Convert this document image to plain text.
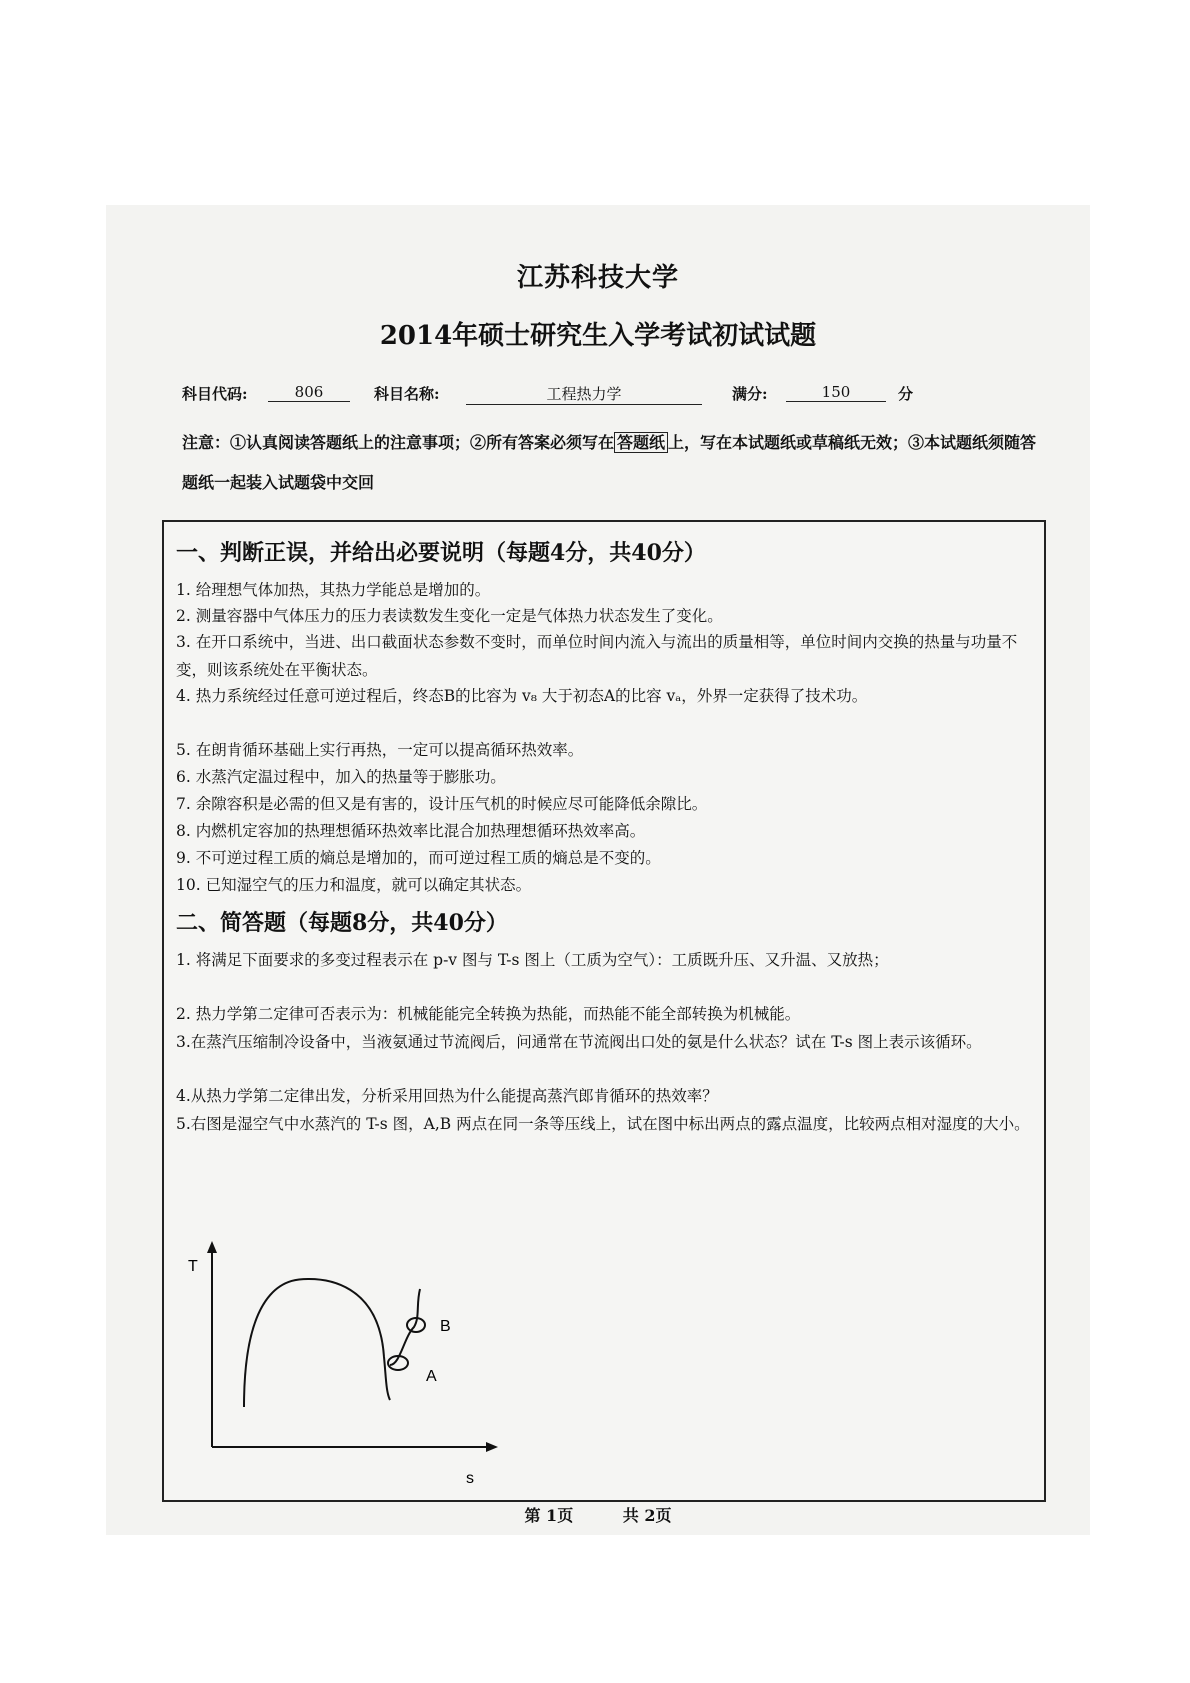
江苏科技大学
2014年硕士研究生入学考试初试试题
科目代码:	806	科目名称:	工程热力学	满分:	150	分
注意：①认真阅读答题纸上的注意事项；②所有答案必须写在 答题纸 上，写在本试题纸或草稿纸无效；③本试题纸须随答题纸一起装入试题袋中交回
一、判断正误，并给出必要说明（每题4分，共40分）
1. 给理想气体加热，其热力学能总是增加的。
2. 测量容器中气体压力的压力表读数发生变化一定是气体热力状态发生了变化。
3. 在开口系统中，当进、出口截面状态参数不变时，而单位时间内流入与流出的质量相等，单位时间内交换的热量与功量不变，则该系统处在平衡状态。
4. 热力系统经过任意可逆过程后，终态B的比容为 v₈ 大于初态A的比容 vₐ，外界一定获得了技术功。
5. 在朗肯循环基础上实行再热，一定可以提高循环热效率。
6. 水蒸汽定温过程中，加入的热量等于膨胀功。
7. 余隙容积是必需的但又是有害的，设计压气机的时候应尽可能降低余隙比。
8. 内燃机定容加的热理想循环热效率比混合加热理想循环热效率高。
9. 不可逆过程工质的熵总是增加的，而可逆过程工质的熵总是不变的。
10. 已知湿空气的压力和温度，就可以确定其状态。
二、简答题（每题8分，共40分）
1. 将满足下面要求的多变过程表示在 p-v 图与 T-s 图上（工质为空气）：工质既升压、又升温、又放热；
2. 热力学第二定律可否表示为：机械能能完全转换为热能，而热能不能全部转换为机械能。
3.在蒸汽压缩制冷设备中，当液氨通过节流阀后，问通常在节流阀出口处的氨是什么状态？试在 T-s 图上表示该循环。
4.从热力学第二定律出发，分析采用回热为什么能提高蒸汽郎肯循环的热效率？
5.右图是湿空气中水蒸汽的 T-s 图，A,B 两点在同一条等压线上，试在图中标出两点的露点温度，比较两点相对湿度的大小。
T
s
A
B
第 1页	共 2页
